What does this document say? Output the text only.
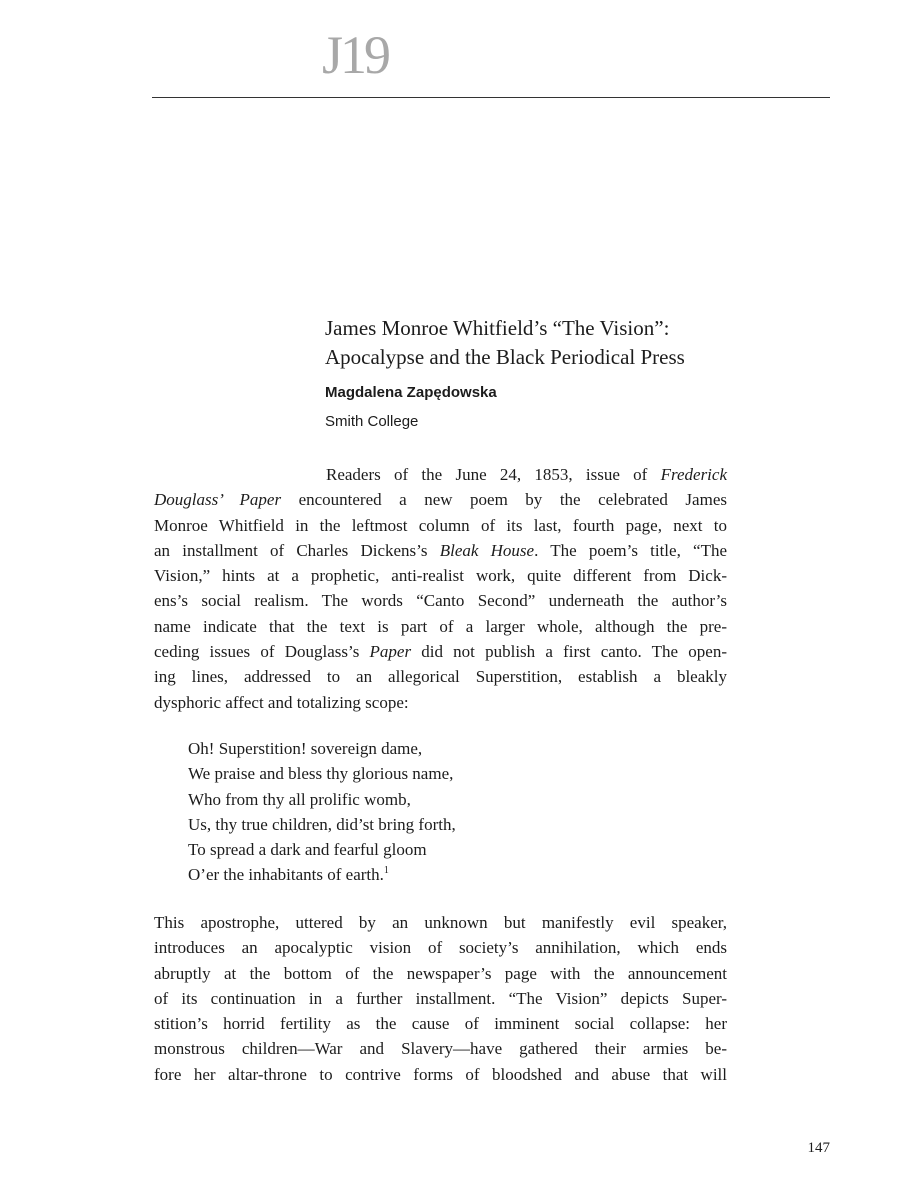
J19
James Monroe Whitfield’s “The Vision”:
Apocalypse and the Black Periodical Press
Magdalena Zapędowska
Smith College
Readers of the June 24, 1853, issue of Frederick
Douglass’ Paper encountered a new poem by the celebrated James
Monroe Whitfield in the leftmost column of its last, fourth page, next to
an installment of Charles Dickens’s Bleak House. The poem’s title, “The
Vision,” hints at a prophetic, anti-realist work, quite different from Dick-
ens’s social realism. The words “Canto Second” underneath the author’s
name indicate that the text is part of a larger whole, although the pre-
ceding issues of Douglass’s Paper did not publish a first canto. The open-
ing lines, addressed to an allegorical Superstition, establish a bleakly
dysphoric affect and totalizing scope:
Oh! Superstition! sovereign dame,
We praise and bless thy glorious name,
Who from thy all prolific womb,
Us, thy true children, did’st bring forth,
To spread a dark and fearful gloom
O’er the inhabitants of earth.$^1$
This apostrophe, uttered by an unknown but manifestly evil speaker,
introduces an apocalyptic vision of society’s annihilation, which ends
abruptly at the bottom of the newspaper’s page with the announcement
of its continuation in a further installment. “The Vision” depicts Super-
stition’s horrid fertility as the cause of imminent social collapse: her
monstrous children—War and Slavery—have gathered their armies be-
fore her altar-throne to contrive forms of bloodshed and abuse that will
147
